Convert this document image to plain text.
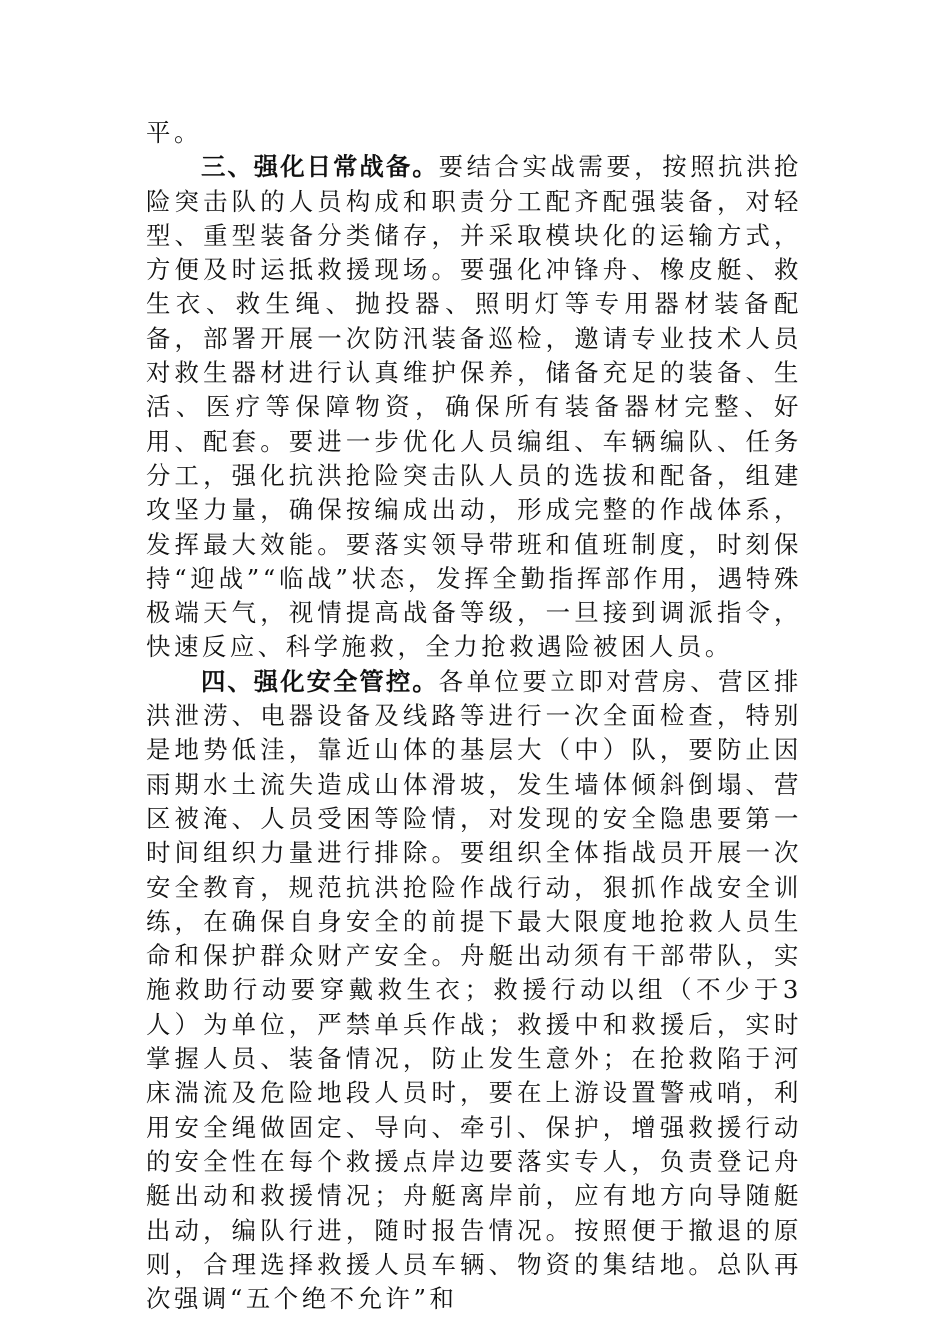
平。

三、强化日常战备。要结合实战需要，按照抗洪抢险突击队的人员构成和职责分工配齐配强装备，对轻型、重型装备分类储存，并采取模块化的运输方式，方便及时运抵救援现场。要强化冲锋舟、橡皮艇、救生衣、救生绳、抛投器、照明灯等专用器材装备配备，部署开展一次防汛装备巡检，邀请专业技术人员对救生器材进行认真维护保养，储备充足的装备、生活、医疗等保障物资，确保所有装备器材完整、好用、配套。要进一步优化人员编组、车辆编队、任务分工，强化抗洪抢险突击队人员的选拔和配备，组建攻坚力量，确保按编成出动，形成完整的作战体系，发挥最大效能。要落实领导带班和值班制度，时刻保持“迎战”“临战”状态，发挥全勤指挥部作用，遇特殊极端天气，视情提高战备等级，一旦接到调派指令，快速反应、科学施救，全力抢救遇险被困人员。

四、强化安全管控。各单位要立即对营房、营区排洪泄涝、电器设备及线路等进行一次全面检查，特别是地势低洼，靠近山体的基层大（中）队，要防止因雨期水土流失造成山体滑坡，发生墙体倾斜倒塌、营区被淹、人员受困等险情，对发现的安全隐患要第一时间组织力量进行排除。要组织全体指战员开展一次安全教育，规范抗洪抢险作战行动，狠抓作战安全训练，在确保自身安全的前提下最大限度地抢救人员生命和保护群众财产安全。舟艇出动须有干部带队，实施救助行动要穿戴救生衣；救援行动以组（不少于3人）为单位，严禁单兵作战；救援中和救援后，实时掌握人员、装备情况，防止发生意外；在抢救陷于河床湍流及危险地段人员时，要在上游设置警戒哨，利用安全绳做固定、导向、牵引、保护，增强救援行动的安全性在每个救援点岸边要落实专人，负责登记舟艇出动和救援情况；舟艇离岸前，应有地方向导随艇出动，编队行进，随时报告情况。按照便于撤退的原则，合理选择救援人员车辆、物资的集结地。总队再次强调“五个绝不允许”和
